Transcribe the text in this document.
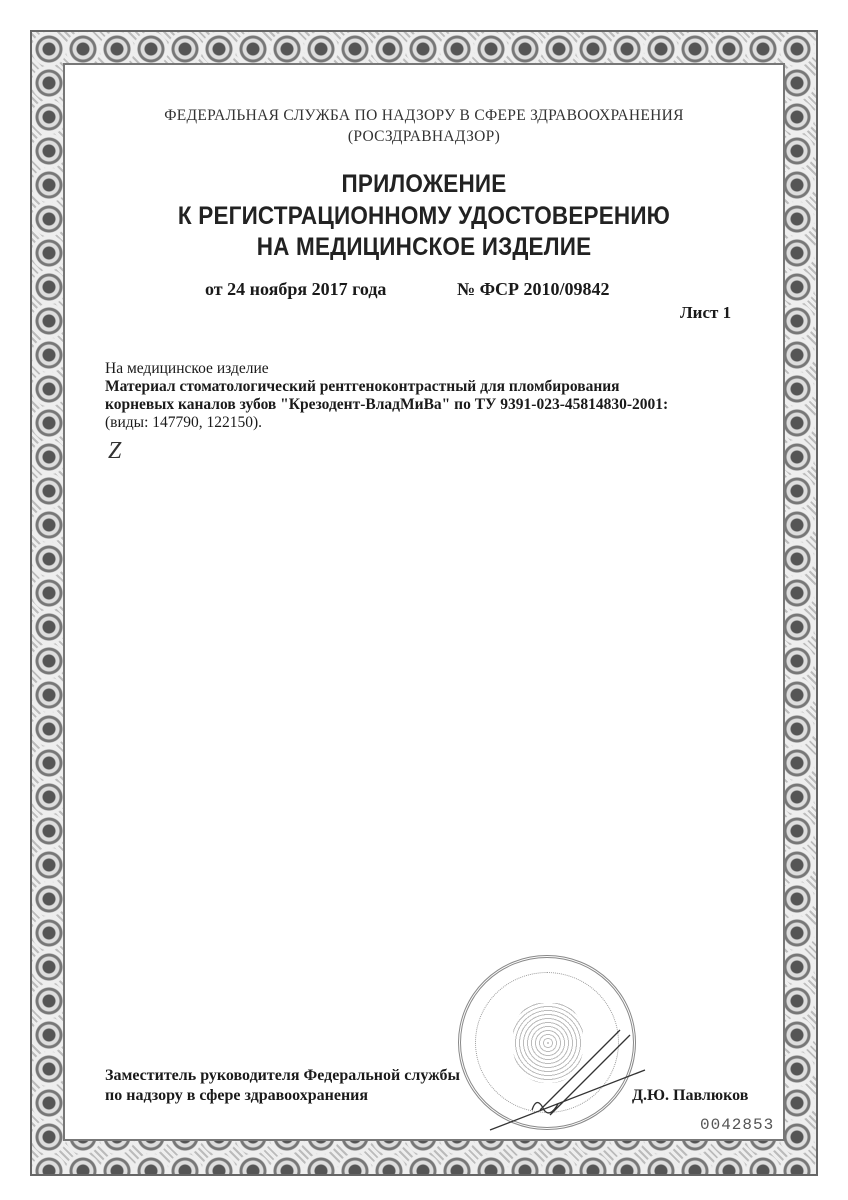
ФЕДЕРАЛЬНАЯ СЛУЖБА ПО НАДЗОРУ В СФЕРЕ ЗДРАВООХРАНЕНИЯ
(РОСЗДРАВНАДЗОР)
ПРИЛОЖЕНИЕ
К РЕГИСТРАЦИОННОМУ УДОСТОВЕРЕНИЮ
НА МЕДИЦИНСКОЕ ИЗДЕЛИЕ
от 24 ноября 2017 года	№ ФСР 2010/09842
Лист 1
На медицинское изделие
Материал стоматологический рентгеноконтрастный для пломбирования
корневых каналов зубов "Крезодент-ВладМиВа" по ТУ 9391-023-45814830-2001:
(виды: 147790, 122150).
Z
Заместитель руководителя Федеральной службы
по надзору в сфере здравоохранения	Д.Ю. Павлюков
0042853
